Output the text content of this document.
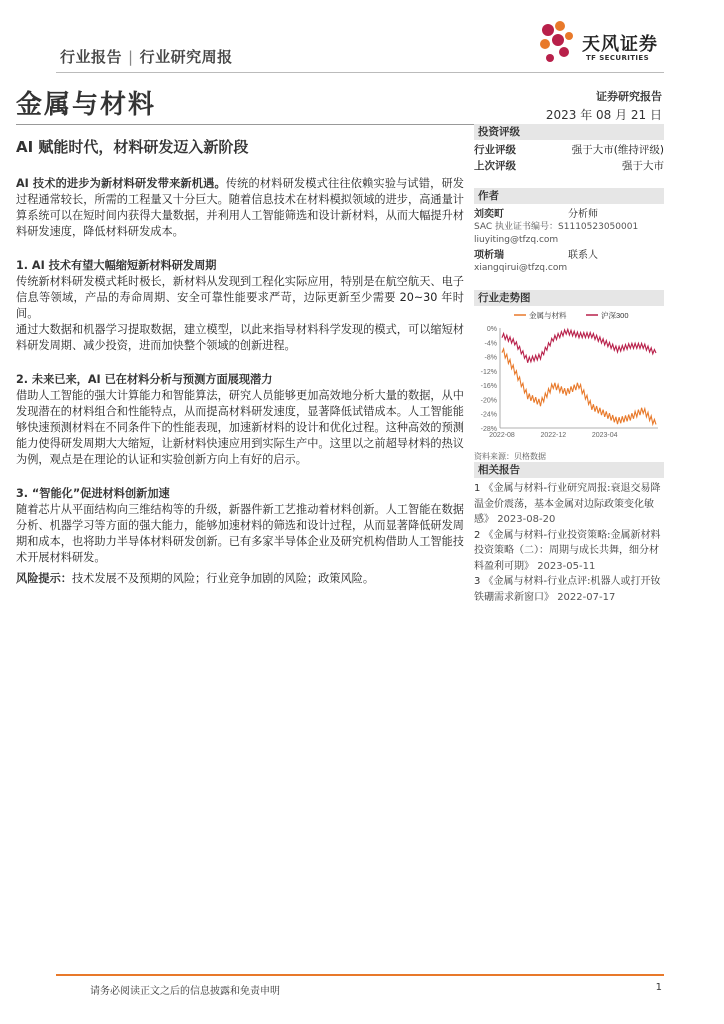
行业报告 | 行业研究周报
天风证券
TF SECURITIES
金属与材料	证券研究报告
2023 年 08 月 21 日
AI 赋能时代，材料研发迈入新阶段

AI 技术的进步为新材料研发带来新机遇。传统的材料研发模式往往依赖实验与试错，研发过程通常较长，所需的工程量又十分巨大。随着信息技术在材料模拟领域的进步，高通量计算系统可以在短时间内获得大量数据，并利用人工智能筛选和设计新材料，从而大幅提升材料研发速度，降低材料研发成本。

1. AI 技术有望大幅缩短新材料研发周期

传统新材料研发模式耗时极长，新材料从发现到工程化实际应用，特别是在航空航天、电子信息等领域，产品的寿命周期、安全可靠性能要求严苛，边际更新至少需要 20~30 年时间。

通过大数据和机器学习提取数据，建立模型，以此来指导材料科学发现的模式，可以缩短材料研发周期、减少投资，进而加快整个领域的创新进程。

2. 未来已来，AI 已在材料分析与预测方面展现潜力

借助人工智能的强大计算能力和智能算法，研究人员能够更加高效地分析大量的数据，从中发现潜在的材料组合和性能特点，从而提高材料研发速度，显著降低试错成本。人工智能能够快速预测材料在不同条件下的性能表现，加速新材料的设计和优化过程。这种高效的预测能力使得研发周期大大缩短，让新材料快速应用到实际生产中。这里以之前超导材料的热议为例，观点是在理论的认证和实验创新方向上有好的启示。

3. “智能化”促进材料创新加速

随着芯片从平面结构向三维结构等的升级，新器件新工艺推动着材料创新。人工智能在数据分析、机器学习等方面的强大能力，能够加速材料的筛选和设计过程，从而显著降低研发周期和成本，也将助力半导体材料研发创新。已有多家半导体企业及研究机构借助人工智能技术开展材料研发。

风险提示：技术发展不及预期的风险；行业竞争加剧的风险；政策风险。
投资评级
行业评级	强于大市(维持评级)
上次评级	强于大市
作者
刘奕町	分析师
SAC 执业证书编号：S1110523050001
liuyiting@tfzq.com
项析瑞	联系人
xiangqirui@tfzq.com
行业走势图
0%
-4%
-8%
-12%
-16%
-20%
-24%
-28%
2022-08	2022-12	2023-04
金属与材料	沪深300
资料来源：贝格数据
相关报告
1 《金属与材料-行业研究周报:衰退交易降温金价震荡，基本金属对边际政策变化敏感》 2023-08-20
2 《金属与材料-行业投资策略:金属新材料投资策略（二）：周期与成长共舞，细分材料盈利可期》 2023-05-11
3 《金属与材料-行业点评:机器人或打开钕铁硼需求新窗口》 2022-07-17
请务必阅读正文之后的信息披露和免责申明	1
